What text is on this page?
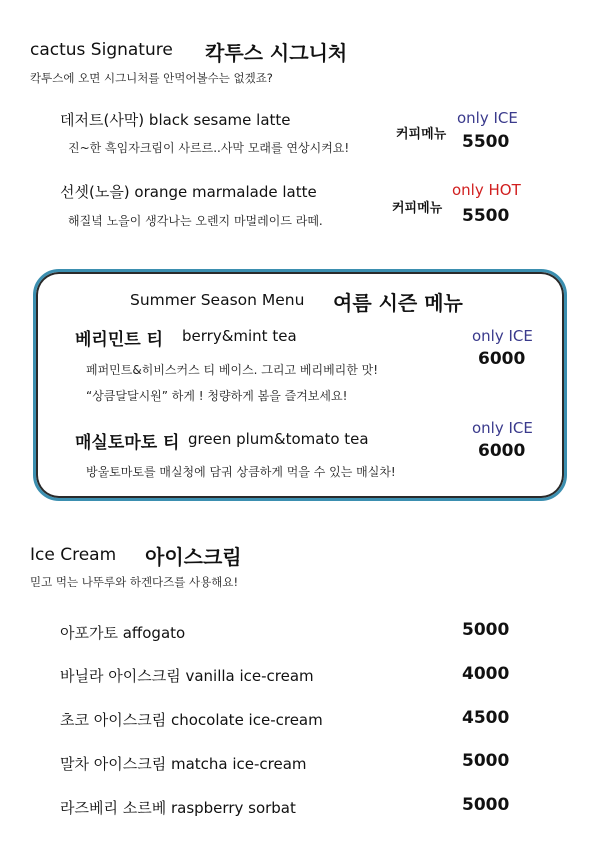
cactus Signature 칵투스 시그니처
칵투스에 오면 시그니처를 안먹어볼수는 없겠죠?
데저트(사막) black sesame latte
진~한 흑임자크림이 사르르..사막 모래를 연상시켜요!
커피메뉴
only ICE
5500
선셋(노을) orange marmalade latte
해질녘 노을이 생각나는 오렌지 마멀레이드 라떼.
커피메뉴
only HOT
5500
Summer Season Menu 여름 시즌 메뉴
베리민트 티 berry&mint tea
페퍼민트&히비스커스 티 베이스. 그리고 베리베리한 맛!
“상큼달달시원” 하게 ! 청량하게 봄을 즐겨보세요!
only ICE
6000
매실토마토 티 green plum&tomato tea
방울토마토를 매실청에 담궈 상큼하게 먹을 수 있는 매실차!
only ICE
6000
Ice Cream 아이스크림
믿고 먹는 나뚜루와 하겐다즈를 사용해요!
아포가토 affogato	5000
바닐라 아이스크림 vanilla ice-cream	4000
초코 아이스크림 chocolate ice-cream	4500
말차 아이스크림 matcha ice-cream	5000
라즈베리 소르베 raspberry sorbat	5000
